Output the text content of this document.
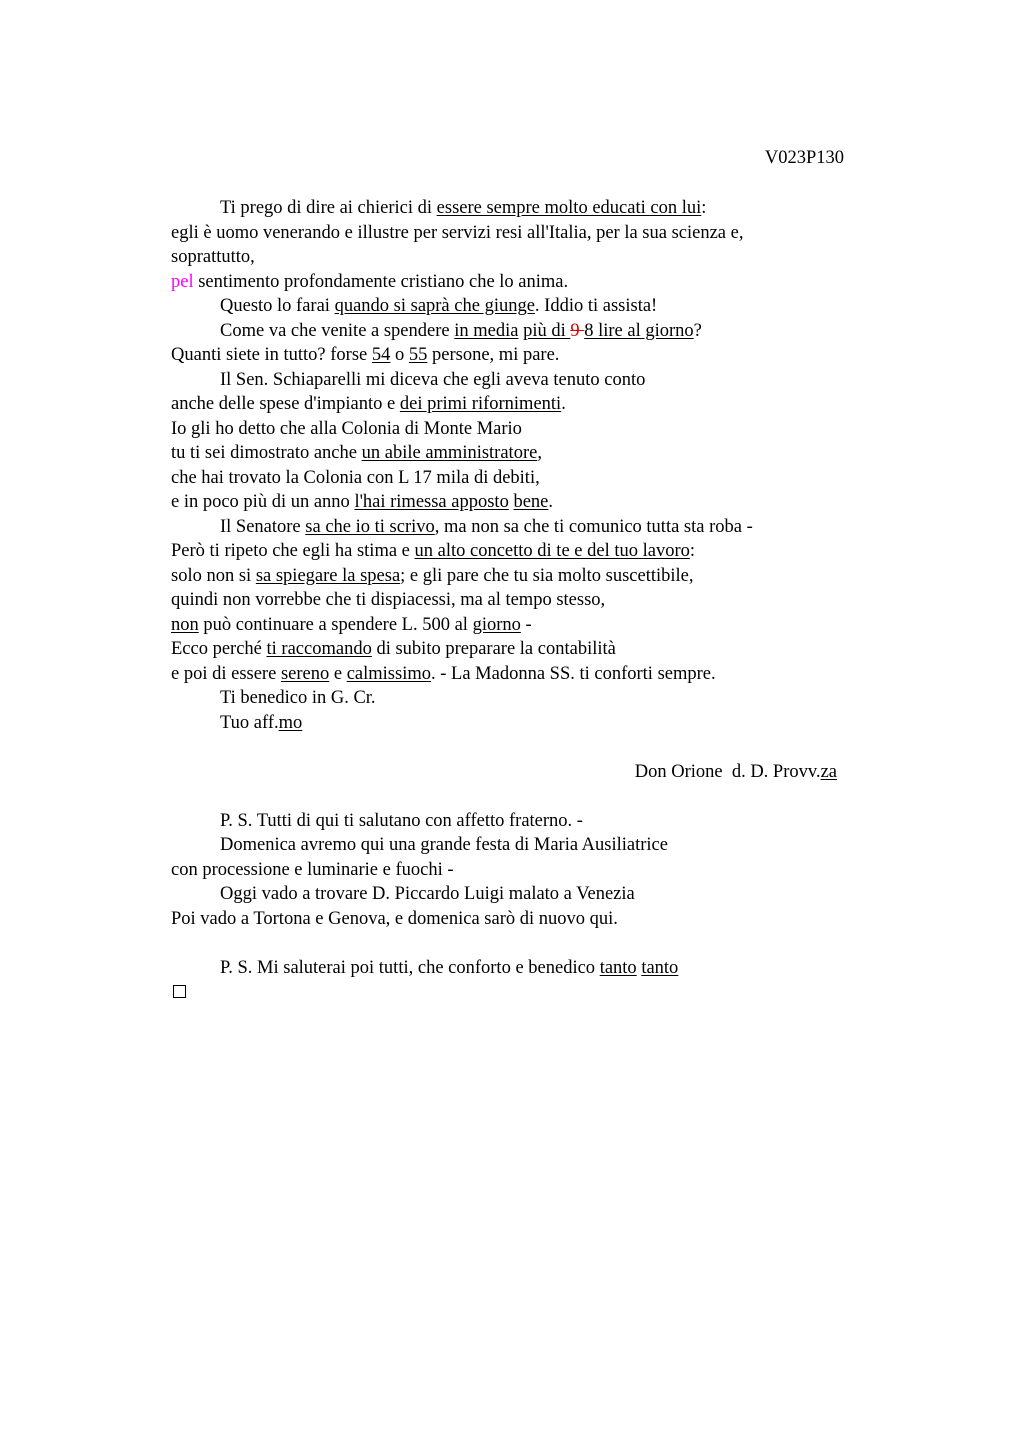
V023P130
Ti prego di dire ai chierici di essere sempre molto educati con lui:
egli è uomo venerando e illustre per servizi resi all'Italia, per la sua scienza e,
soprattutto,
pel sentimento profondamente cristiano che lo anima.
Questo lo farai quando si saprà che giunge. Iddio ti assista!
Come va che venite a spendere in media più di 9 8 lire al giorno?
Quanti siete in tutto? forse 54 o 55 persone, mi pare.
Il Sen. Schiaparelli mi diceva che egli aveva tenuto conto
anche delle spese d'impianto e dei primi rifornimenti.
Io gli ho detto che alla Colonia di Monte Mario
tu ti sei dimostrato anche un abile amministratore,
che hai trovato la Colonia con L 17 mila di debiti,
e in poco più di un anno l'hai rimessa apposto bene.
Il Senatore sa che io ti scrivo, ma non sa che ti comunico tutta sta roba -
Però ti ripeto che egli ha stima e un alto concetto di te e del tuo lavoro:
solo non si sa spiegare la spesa; e gli pare che tu sia molto suscettibile,
quindi non vorrebbe che ti dispiacessi, ma al tempo stesso,
non può continuare a spendere L. 500 al giorno -
Ecco perché ti raccomando di subito preparare la contabilità
e poi di essere sereno e calmissimo. - La Madonna SS. ti conforti sempre.
Ti benedico in G. Cr.
Tuo aff.mo
Don Orione  d. D. Provv.za
P. S. Tutti di qui ti salutano con affetto fraterno. -
Domenica avremo qui una grande festa di Maria Ausiliatrice
con processione e luminarie e fuochi -
Oggi vado a trovare D. Piccardo Luigi malato a Venezia
Poi vado a Tortona e Genova, e domenica sarò di nuovo qui.
P. S. Mi saluterai poi tutti, che conforto e benedico tanto tanto
